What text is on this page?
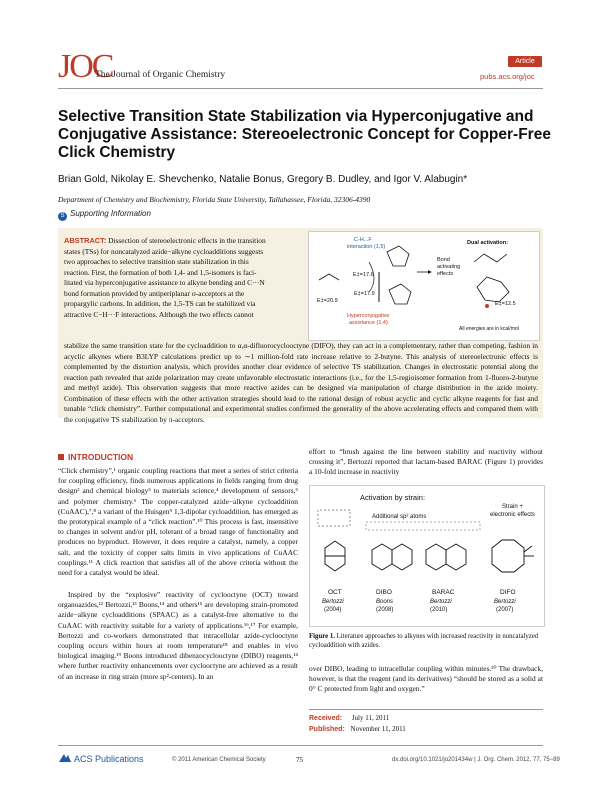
JOC
The Journal of Organic Chemistry
Article
pubs.acs.org/joc
Selective Transition State Stabilization via Hyperconjugative and Conjugative Assistance: Stereoelectronic Concept for Copper-Free Click Chemistry
Brian Gold, Nikolay E. Shevchenko, Natalie Bonus, Gregory B. Dudley, and Igor V. Alabugin*
Department of Chemistry and Biochemistry, Florida State University, Tallahassee, Florida, 32306-4390
S Supporting Information
ABSTRACT: Dissection of stereoelectronic effects in the transition
states (TSs) for noncatalyzed azide−alkyne cycloadditions suggests
two approaches to selective transition state stabilization in this
reaction. First, the formation of both 1,4- and 1,5-isomers is faci-
litated via hyperconjugative assistance to alkyne bending and C···N
bond formation provided by antiperiplanar σ-acceptors at the
propargylic carbons. In addition, the 1,5-TS can be stabilized via
attractive C−H···F interactions. Although the two effects cannot
stabilize the same transition state for the cycloaddition to α,α-difluorocyclooctyne (DIFO), they can act in a complementary, rather than competing, fashion in acyclic alkynes where B3LYP calculations predict up to ∼1 million-fold rate increase relative to 2-butyne. This analysis of stereoelectronic effects is complemented by the distortion analysis, which provides another clear evidence of selective TS stabilization. Changes in electrostatic potential along the reaction path revealed that azide polarization may create unfavorable electrostatic interactions (i.e., for the 1,5-regioisomer formation from 1-fluoro-2-butyne and methyl azide). This observation suggests that more reactive azides can be designed via manipulation of charge distribution in the azide moiety. Combination of these effects with the other activation strategies should lead to the rational design of robust acyclic and cyclic alkyne reagents for fast and tunable “click chemistry”. Further computational and experimental studies confirmed the generality of the above accelerating effects and compared them with the conjugative TS stabilization by π-acceptors.
C-H...F
interaction (1,5)
E‡=17.6
E‡=20.9
E‡=17.9
Hyperconjugative
assistance (1,4)
Bond
activating
effects
Dual activation:
E‡=12.5
All energies are in kcal/mol
INTRODUCTION
“Click chemistry”,¹ organic coupling reactions that meet a series of strict criteria for coupling efficiency, finds numerous applications in fields ranging from drug design² and chemical biology³ to materials science,⁴ development of sensors,⁵ and polymer chemistry.⁶ The copper-catalyzed azide−alkyne cycloaddition (CuAAC),⁷,⁸ a variant of the Huisgen⁹ 1,3-dipolar cycloaddition, has emerged as the prototypical example of a “click reaction”.¹⁰ This process is fast, insensitive to changes in solvent and/or pH, tolerant of a broad range of functionality and produces no byproduct. However, it does require a catalyst, namely, a copper salt, and the toxicity of copper salts limits in vivo applications of CuAAC couplings.¹¹ A click reaction that satisfies all of the above criteria without the need for a catalyst would be ideal.
Inspired by the “explosive” reactivity of cyclooctyne (OCT) toward organoazides,¹² Bertozzi,¹³ Boons,¹⁴ and others¹⁵ are developing strain-promoted azide−alkyne cycloadditions (SPAAC) as a catalyst-free alternative to the CuAAC with reactivity suitable for a variety of applications.¹⁶,¹⁷ For example, Bertozzi and co-workers demonstrated that intracellular azide-cyclooctyne coupling occurs within hours at room temperature¹⁸ and enables in vivo biological imaging.¹⁹ Boons introduced dibenzocyclooctyne (DIBO) reagents,¹⁴ where further reactivity enhancements over cyclooctyne are achieved as a result of an increase in ring strain (more sp²-centers). In an
effort to “brush against the line between stability and reactivity without crossing it”, Bertozzi reported that lactam-based BARAC (Figure 1) provides a 10-fold increase in reactivity
Activation by strain:
Additional sp² atoms
Strain +
electronic effects
OCT	DIBO	BARAC	DIFO
Bertozzi	Boons	Bertozzi	Bertozzi
(2004)	(2008)	(2010)	(2007)
Figure 1. Literature approaches to alkynes with increased reactivity in noncatalyzed cycloaddition with azides.
over DIBO, leading to intracellular coupling within minutes.²⁰ The drawback, however, is that the reagent (and its derivatives) “should be stored as a solid at 0° C protected from light and oxygen.”
Received: July 11, 2011
Published: November 11, 2011
ACS Publications	© 2011 American Chemical Society	75	dx.doi.org/10.1021/jo201434w | J. Org. Chem. 2012, 77, 75−89
